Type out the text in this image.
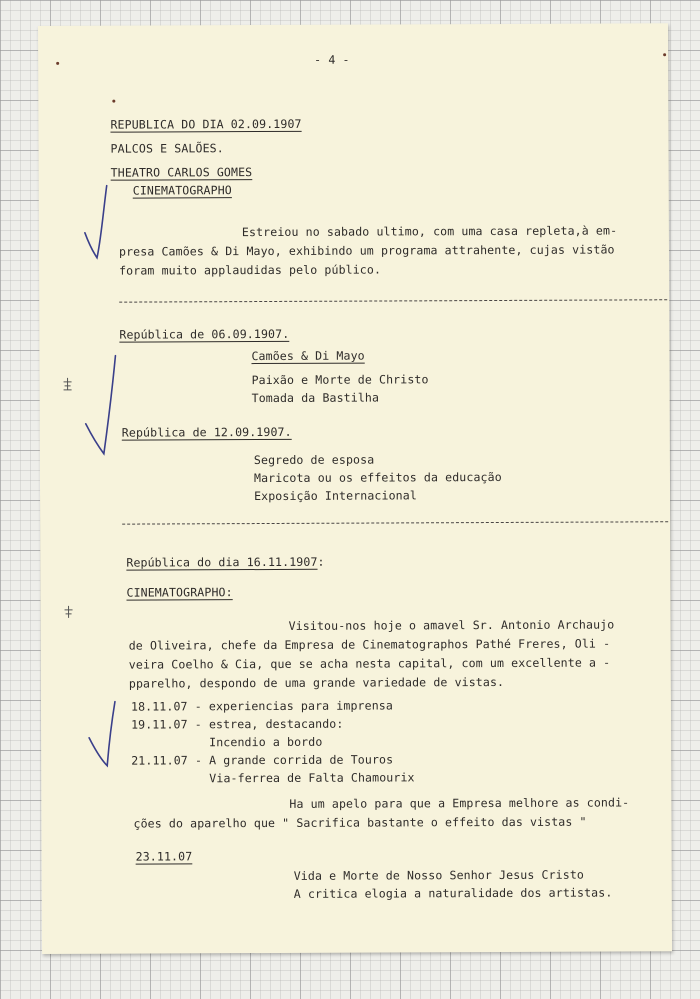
- 4 -
REPUBLICA DO DIA 02.09.1907
PALCOS E SALÕES.
THEATRO CARLOS GOMES
CINEMATOGRAPHO
Estreiou no sabado ultimo, com uma casa repleta,à em-
presa Camões & Di Mayo, exhibindo um programa attrahente, cujas vistão
foram muito applaudidas pelo público.
República de 06.09.1907.
Camões & Di Mayo
Paixão e Morte de Christo
Tomada da Bastilha
República de 12.09.1907.
Segredo de esposa
Maricota ou os effeitos da educação
Exposição Internacional
República do dia 16.11.1907:
CINEMATOGRAPHO:
Visitou-nos hoje o amavel Sr. Antonio Archaujo
de Oliveira, chefe da Empresa de Cinematographos Pathé Freres, Oli -
veira Coelho & Cia, que se acha nesta capital, com um excellente a -
pparelho, despondo de uma grande variedade de vistas.
18.11.07 - experiencias para imprensa
19.11.07 - estrea, destacando:
Incendio a bordo
21.11.07 - A grande corrida de Touros
Via-ferrea de Falta Chamourix
Ha um apelo para que a Empresa melhore as condi-
ções do aparelho que " Sacrifica bastante o effeito das vistas "
23.11.07
Vida e Morte de Nosso Senhor Jesus Cristo
A critica elogia a naturalidade dos artistas.
